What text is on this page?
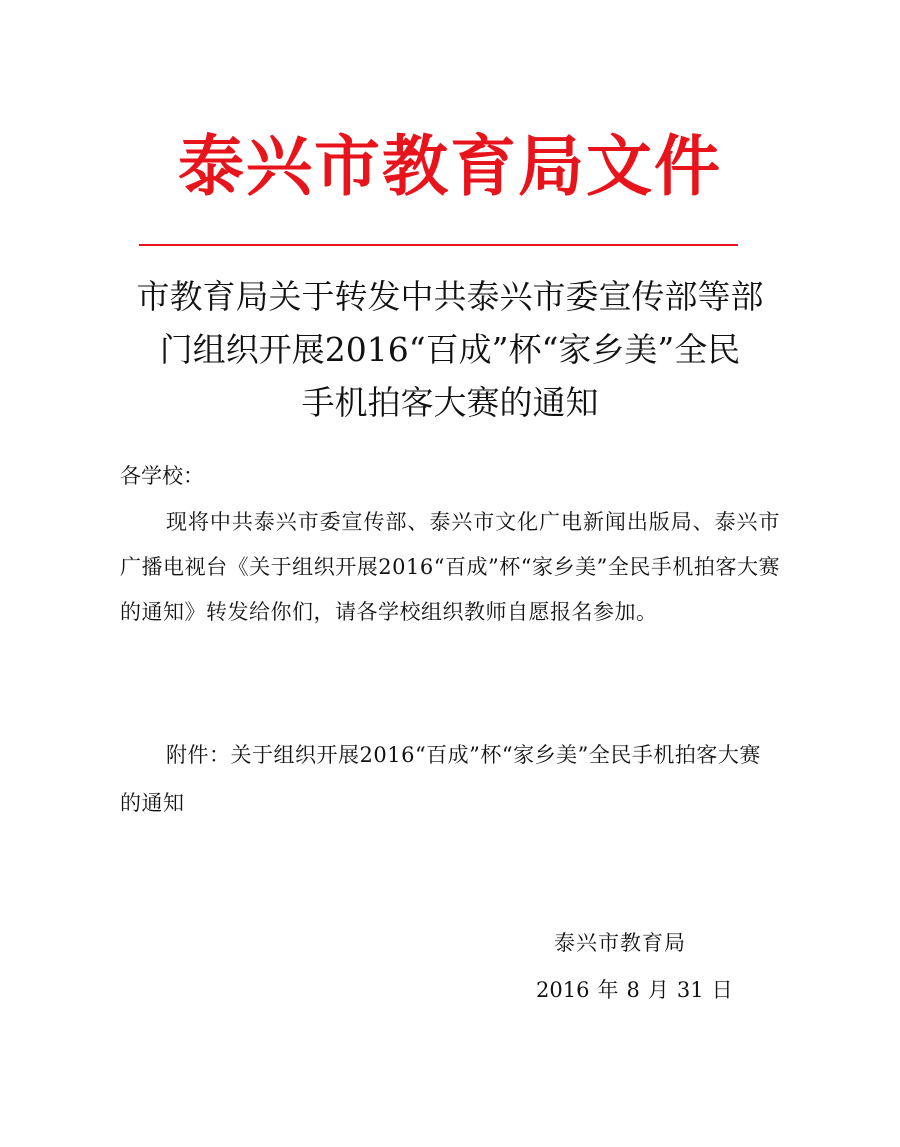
泰兴市教育局文件
市教育局关于转发中共泰兴市委宣传部等部
门组织开展2016“百成”杯“家乡美”全民
手机拍客大赛的通知
各学校：
现将中共泰兴市委宣传部、泰兴市文化广电新闻出版局、泰兴市广播电视台《关于组织开展2016“百成”杯“家乡美”全民手机拍客大赛的通知》转发给你们，请各学校组织教师自愿报名参加。
附件：关于组织开展2016“百成”杯“家乡美”全民手机拍客大赛的通知
泰兴市教育局
2016 年 8 月 31 日
